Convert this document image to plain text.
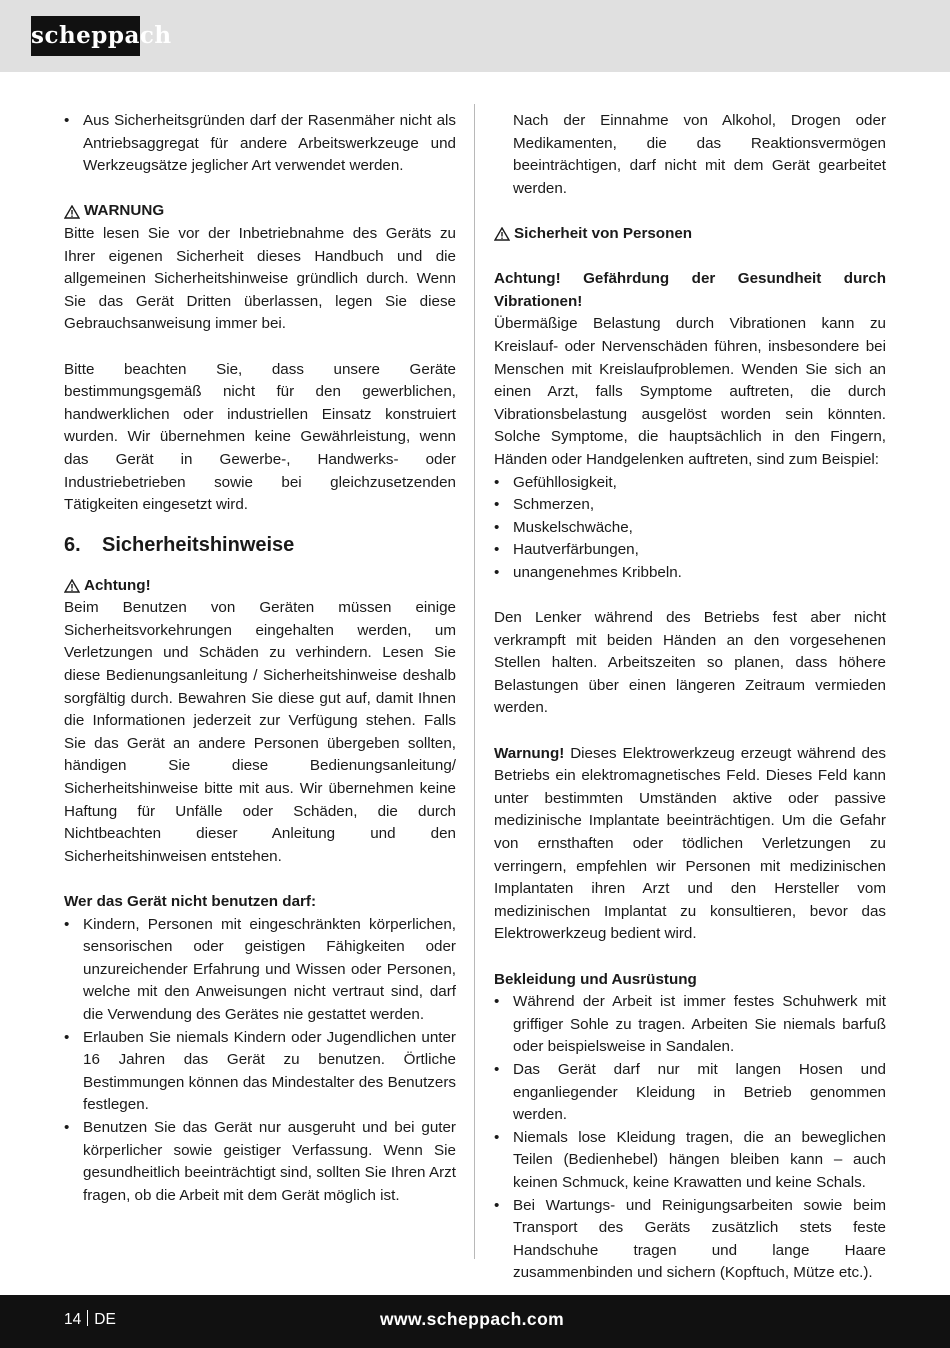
scheppach
• Aus Sicherheitsgründen darf der Rasenmäher nicht als Antriebsaggregat für andere Arbeitswerkzeuge und Werkzeugsätze jeglicher Art verwendet werden.
WARNUNG

Bitte lesen Sie vor der Inbetriebnahme des Geräts zu Ihrer eigenen Sicherheit dieses Handbuch und die allgemeinen Sicherheitshinweise gründlich durch. Wenn Sie das Gerät Dritten überlassen, legen Sie diese Gebrauchsanweisung immer bei.

Bitte beachten Sie, dass unsere Geräte bestimmungsgemäß nicht für den gewerblichen, handwerklichen oder industriellen Einsatz konstruiert wurden. Wir übernehmen keine Gewährleistung, wenn das Gerät in Gewerbe-, Handwerks- oder Industriebetrieben sowie bei gleichzusetzenden Tätigkeiten eingesetzt wird.

6.	Sicherheitshinweise
Achtung!

Beim Benutzen von Geräten müssen einige Sicherheitsvorkehrungen eingehalten werden, um Verletzungen und Schäden zu verhindern. Lesen Sie diese Bedienungsanleitung / Sicherheitshinweise deshalb sorgfältig durch. Bewahren Sie diese gut auf, damit Ihnen die Informationen jederzeit zur Verfügung stehen. Falls Sie das Gerät an andere Personen übergeben sollten, händigen Sie diese Bedienungsanleitung/ Sicherheitshinweise bitte mit aus. Wir übernehmen keine Haftung für Unfälle oder Schäden, die durch Nichtbeachten dieser Anleitung und den Sicherheitshinweisen entstehen.

Wer das Gerät nicht benutzen darf:
• Kindern, Personen mit eingeschränkten körperlichen, sensorischen oder geistigen Fähigkeiten oder unzureichender Erfahrung und Wissen oder Personen, welche mit den Anweisungen nicht vertraut sind, darf die Verwendung des Gerätes nie gestattet werden.
• Erlauben Sie niemals Kindern oder Jugendlichen unter 16 Jahren das Gerät zu benutzen. Örtliche Bestimmungen können das Mindestalter des Benutzers festlegen.
• Benutzen Sie das Gerät nur ausgeruht und bei guter körperlicher sowie geistiger Verfassung. Wenn Sie gesundheitlich beeinträchtigt sind, sollten Sie Ihren Arzt fragen, ob die Arbeit mit dem Gerät möglich ist.

Nach der Einnahme von Alkohol, Drogen oder Medikamenten, die das Reaktionsvermögen beeinträchtigen, darf nicht mit dem Gerät gearbeitet werden.

Sicherheit von Personen

Achtung! Gefährdung der Gesundheit durch Vibrationen!

Übermäßige Belastung durch Vibrationen kann zu Kreislauf- oder Nervenschäden führen, insbesondere bei Menschen mit Kreislaufproblemen. Wenden Sie sich an einen Arzt, falls Symptome auftreten, die durch Vibrationsbelastung ausgelöst worden sein könnten. Solche Symptome, die hauptsächlich in den Fingern, Händen oder Handgelenken auftreten, sind zum Beispiel:

• Gefühllosigkeit,
• Schmerzen,
• Muskelschwäche,
• Hautverfärbungen,
• unangenehmes Kribbeln.

Den Lenker während des Betriebs fest aber nicht verkrampft mit beiden Händen an den vorgesehenen Stellen halten. Arbeitszeiten so planen, dass höhere Belastungen über einen längeren Zeitraum vermieden werden.

Warnung! Dieses Elektrowerkzeug erzeugt während des Betriebs ein elektromagnetisches Feld. Dieses Feld kann unter bestimmten Umständen aktive oder passive medizinische Implantate beeinträchtigen. Um die Gefahr von ernsthaften oder tödlichen Verletzungen zu verringern, empfehlen wir Personen mit medizinischen Implantaten ihren Arzt und den Hersteller vom medizinischen Implantat zu konsultieren, bevor das Elektrowerkzeug bedient wird.

Bekleidung und Ausrüstung
• Während der Arbeit ist immer festes Schuhwerk mit griffiger Sohle zu tragen. Arbeiten Sie niemals barfuß oder beispielsweise in Sandalen.
• Das Gerät darf nur mit langen Hosen und enganliegender Kleidung in Betrieb genommen werden.
• Niemals lose Kleidung tragen, die an beweglichen Teilen (Bedienhebel) hängen bleiben kann – auch keinen Schmuck, keine Krawatten und keine Schals.
• Bei Wartungs- und Reinigungsarbeiten sowie beim Transport des Geräts zusätzlich stets feste Handschuhe tragen und lange Haare zusammenbinden und sichern (Kopftuch, Mütze etc.).
14 DE	www.scheppach.com
